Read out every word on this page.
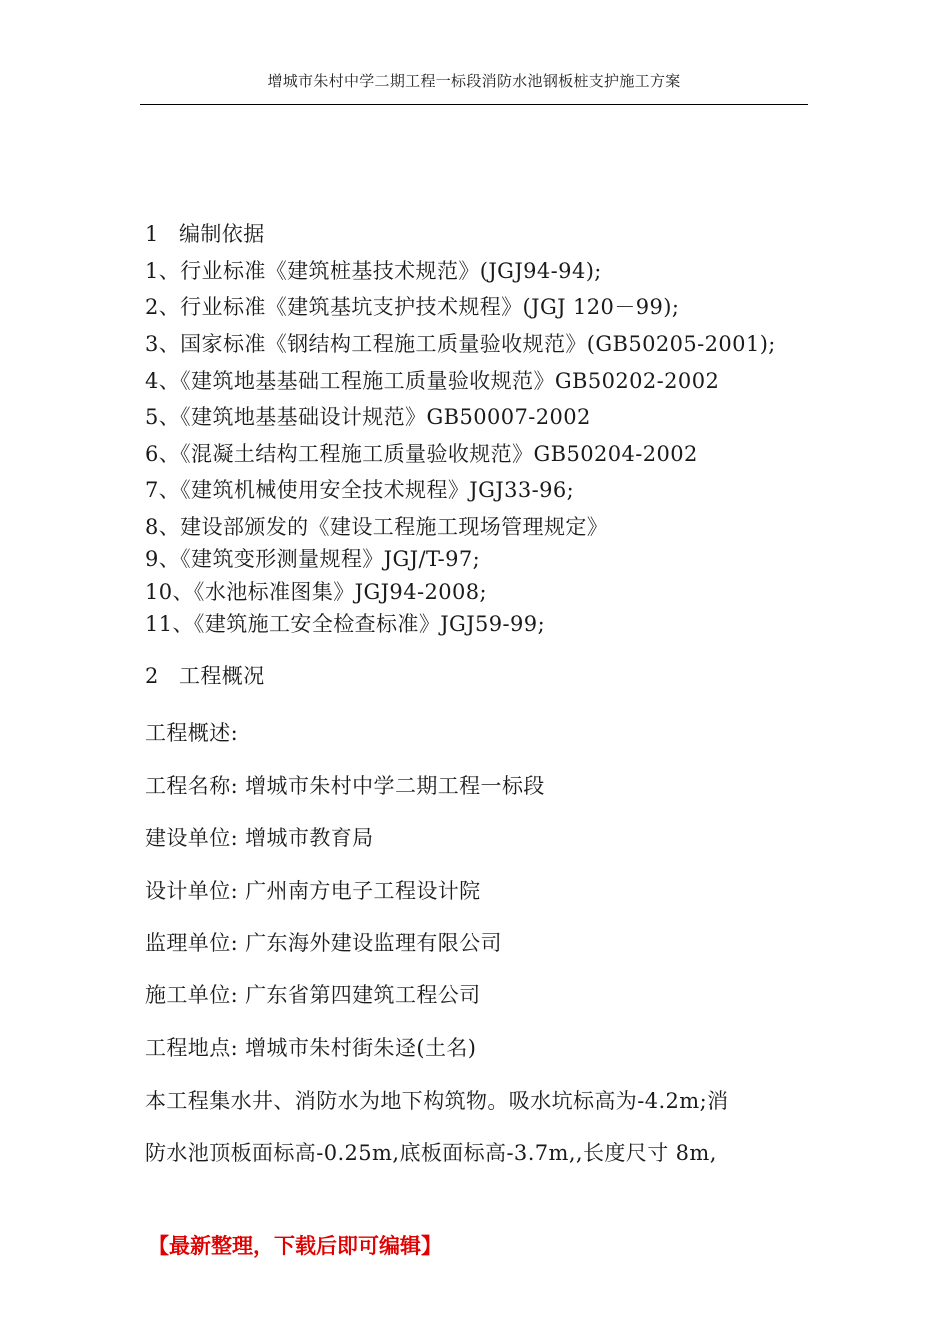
增城市朱村中学二期工程一标段消防水池钢板桩支护施工方案
1 编制依据
1、行业标准《建筑桩基技术规范》(JGJ94-94);
2、行业标准《建筑基坑支护技术规程》(JGJ 120－99);
3、国家标准《钢结构工程施工质量验收规范》(GB50205-2001);
4、《建筑地基基础工程施工质量验收规范》GB50202-2002
5、《建筑地基基础设计规范》GB50007-2002
6、《混凝土结构工程施工质量验收规范》GB50204-2002
7、《建筑机械使用安全技术规程》JGJ33-96;
8、建设部颁发的《建设工程施工现场管理规定》
9、《建筑变形测量规程》JGJ/T-97;
10、《水池标准图集》JGJ94-2008;
11、《建筑施工安全检查标准》JGJ59-99;
2 工程概况
工程概述:
工程名称: 增城市朱村中学二期工程一标段
建设单位: 增城市教育局
设计单位: 广州南方电子工程设计院
监理单位: 广东海外建设监理有限公司
施工单位: 广东省第四建筑工程公司
工程地点: 增城市朱村街朱迳(土名)
本工程集水井、消防水为地下构筑物。吸水坑标高为-4.2m;消
防水池顶板面标高-0.25m,底板面标高-3.7m,,长度尺寸 8m,
【最新整理，下载后即可编辑】
